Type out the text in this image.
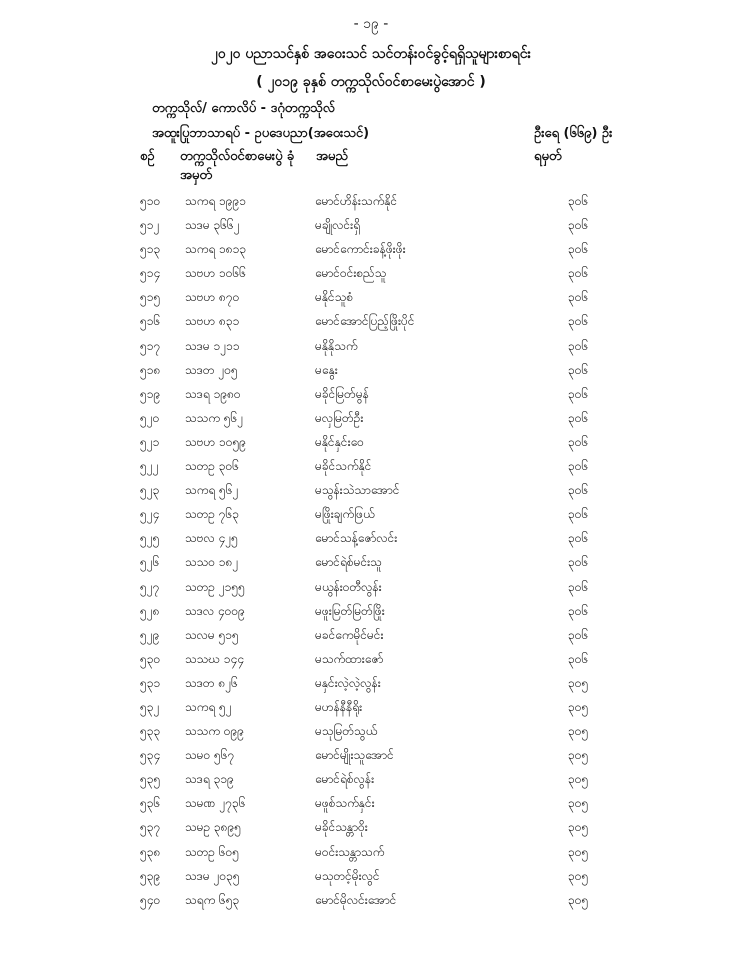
- ၁၉ -
၂၀၂၀ ပညာသင်နှစ် အဝေးသင် သင်တန်းဝင်ခွင့်ရရှိသူများစာရင်း
( ၂၀၁၉ ခုနှစ် တက္ကသိုလ်ဝင်စာမေးပွဲအောင် )
တက္ကသိုလ်/ ကောလိပ် - ဒဂုံတက္ကသိုလ်
အထူးပြုဘာသာရပ် - ဥပဒေပညာ(အဝေးသင်)	ဦးရေ (၆၆၉) ဦး
စဉ် တက္ကသိုလ်ဝင်စာမေးပွဲ ခုံအမှတ်
အမည်	ရမှတ်
၅၁၀ သကရ ၁၉၉၁	မောင်ဟိန်းသက်နိုင်	၃၀၆
၅၁၂ သဒမ ၃၆၆၂	မချိုလင်းရှိ	၃၀၆
၅၁၃ သကရ ၁၈၁၃	မောင်ကောင်းခန့်ဖိုးဖိုး	၃၀၆
၅၁၄ သဗဟ ၁၀၆၆	မောင်ဝင်းစည်သူ	၃၀၆
၅၁၅ သဗဟ ၈၇၀	မနိုင်သူစံ	၃၀၆
၅၁၆ သဗဟ ၈၃၁	မောင်အောင်ပြည့်ဖြိုးပိုင်	၃၀၆
၅၁၇ သဒမ ၁၂၁၁	မနိုနိုသက်	၃၀၆
၅၁၈ သဒတ ၂၀၅	မနွေး	၃၀၆
၅၁၉ သဒရ ၁၉၈၀	မခိုင်မြတ်မွန်	၃၀၆
၅၂၀ သသက ၅၆၂	မလှမြတ်ဦး	၃၀၆
၅၂၁ သဗဟ ၁၀၅၉	မနိုင်နှင်းဝေ	၃၀၆
၅၂၂ သတဥ ၃၀၆	မခိုင်သက်နိုင်	၃၀၆
၅၂၃ သကရ ၅၆၂	မသွန်းသဲသာအောင်	၃၀၆
၅၂၄ သတဥ ၇၆၃	မဖြိုးချက်ဖြယ်	၃၀၆
၅၂၅ သဗလ ၄၂၅	မောင်သန့်ဇော်လင်း	၃၀၆
၅၂၆ သသဝ ၁၈၂	မောင်ရဲစ်မင်းသူ	၃၀၆
၅၂၇ သတဥ ၂၁၅၅	မယွန်းဝတီလွန်း	၃၀၆
၅၂၈ သဒလ ၄၀၀၉	မဖူးမြတ်မြတ်ဖြိုး	၃၀၆
၅၂၉ သလမ ၅၁၅	မခင်ကေမိုင်မင်း	၃၀၆
၅၃၀ သသဃ ၁၄၄	မသက်ထားဇော်	၃၀၆
၅၃၁ သဒတ ၈၂၆	မနှင်းလဲ့လဲ့လွန်း	၃၀၅
၅၃၂ သကရ ၅၂	မဟန်နီနီရိုး	၃၀၅
၅၃၃ သသက ၀၉၉	မသုမြတ်သွယ်	၃၀၅
၅၃၄ သမဝ ၅၆၇	မောင်မျိုးသူအောင်	၃၀၅
၅၃၅ သဒရ ၃၁၉	မောင်ရဲစ်လွန်း	၃၀၅
၅၃၆ သမဏ ၂၇၃၆	မဖူစ်သက်နှင်း	၃၀၅
၅၃၇ သမဥ ၃၈၉၅	မခိုင်သန္တာဝိုး	၃၀၅
၅၃၈ သတဥ ၆၀၅	မဝင်းသန္တာသက်	၃၀၅
၅၃၉ သဒမ ၂၀၃၅	မသုတင့်မိုးလွင်	၃၀၅
၅၄၀ သရက ၆၅၃	မောင်မိုလင်းအောင်	၃၀၅
